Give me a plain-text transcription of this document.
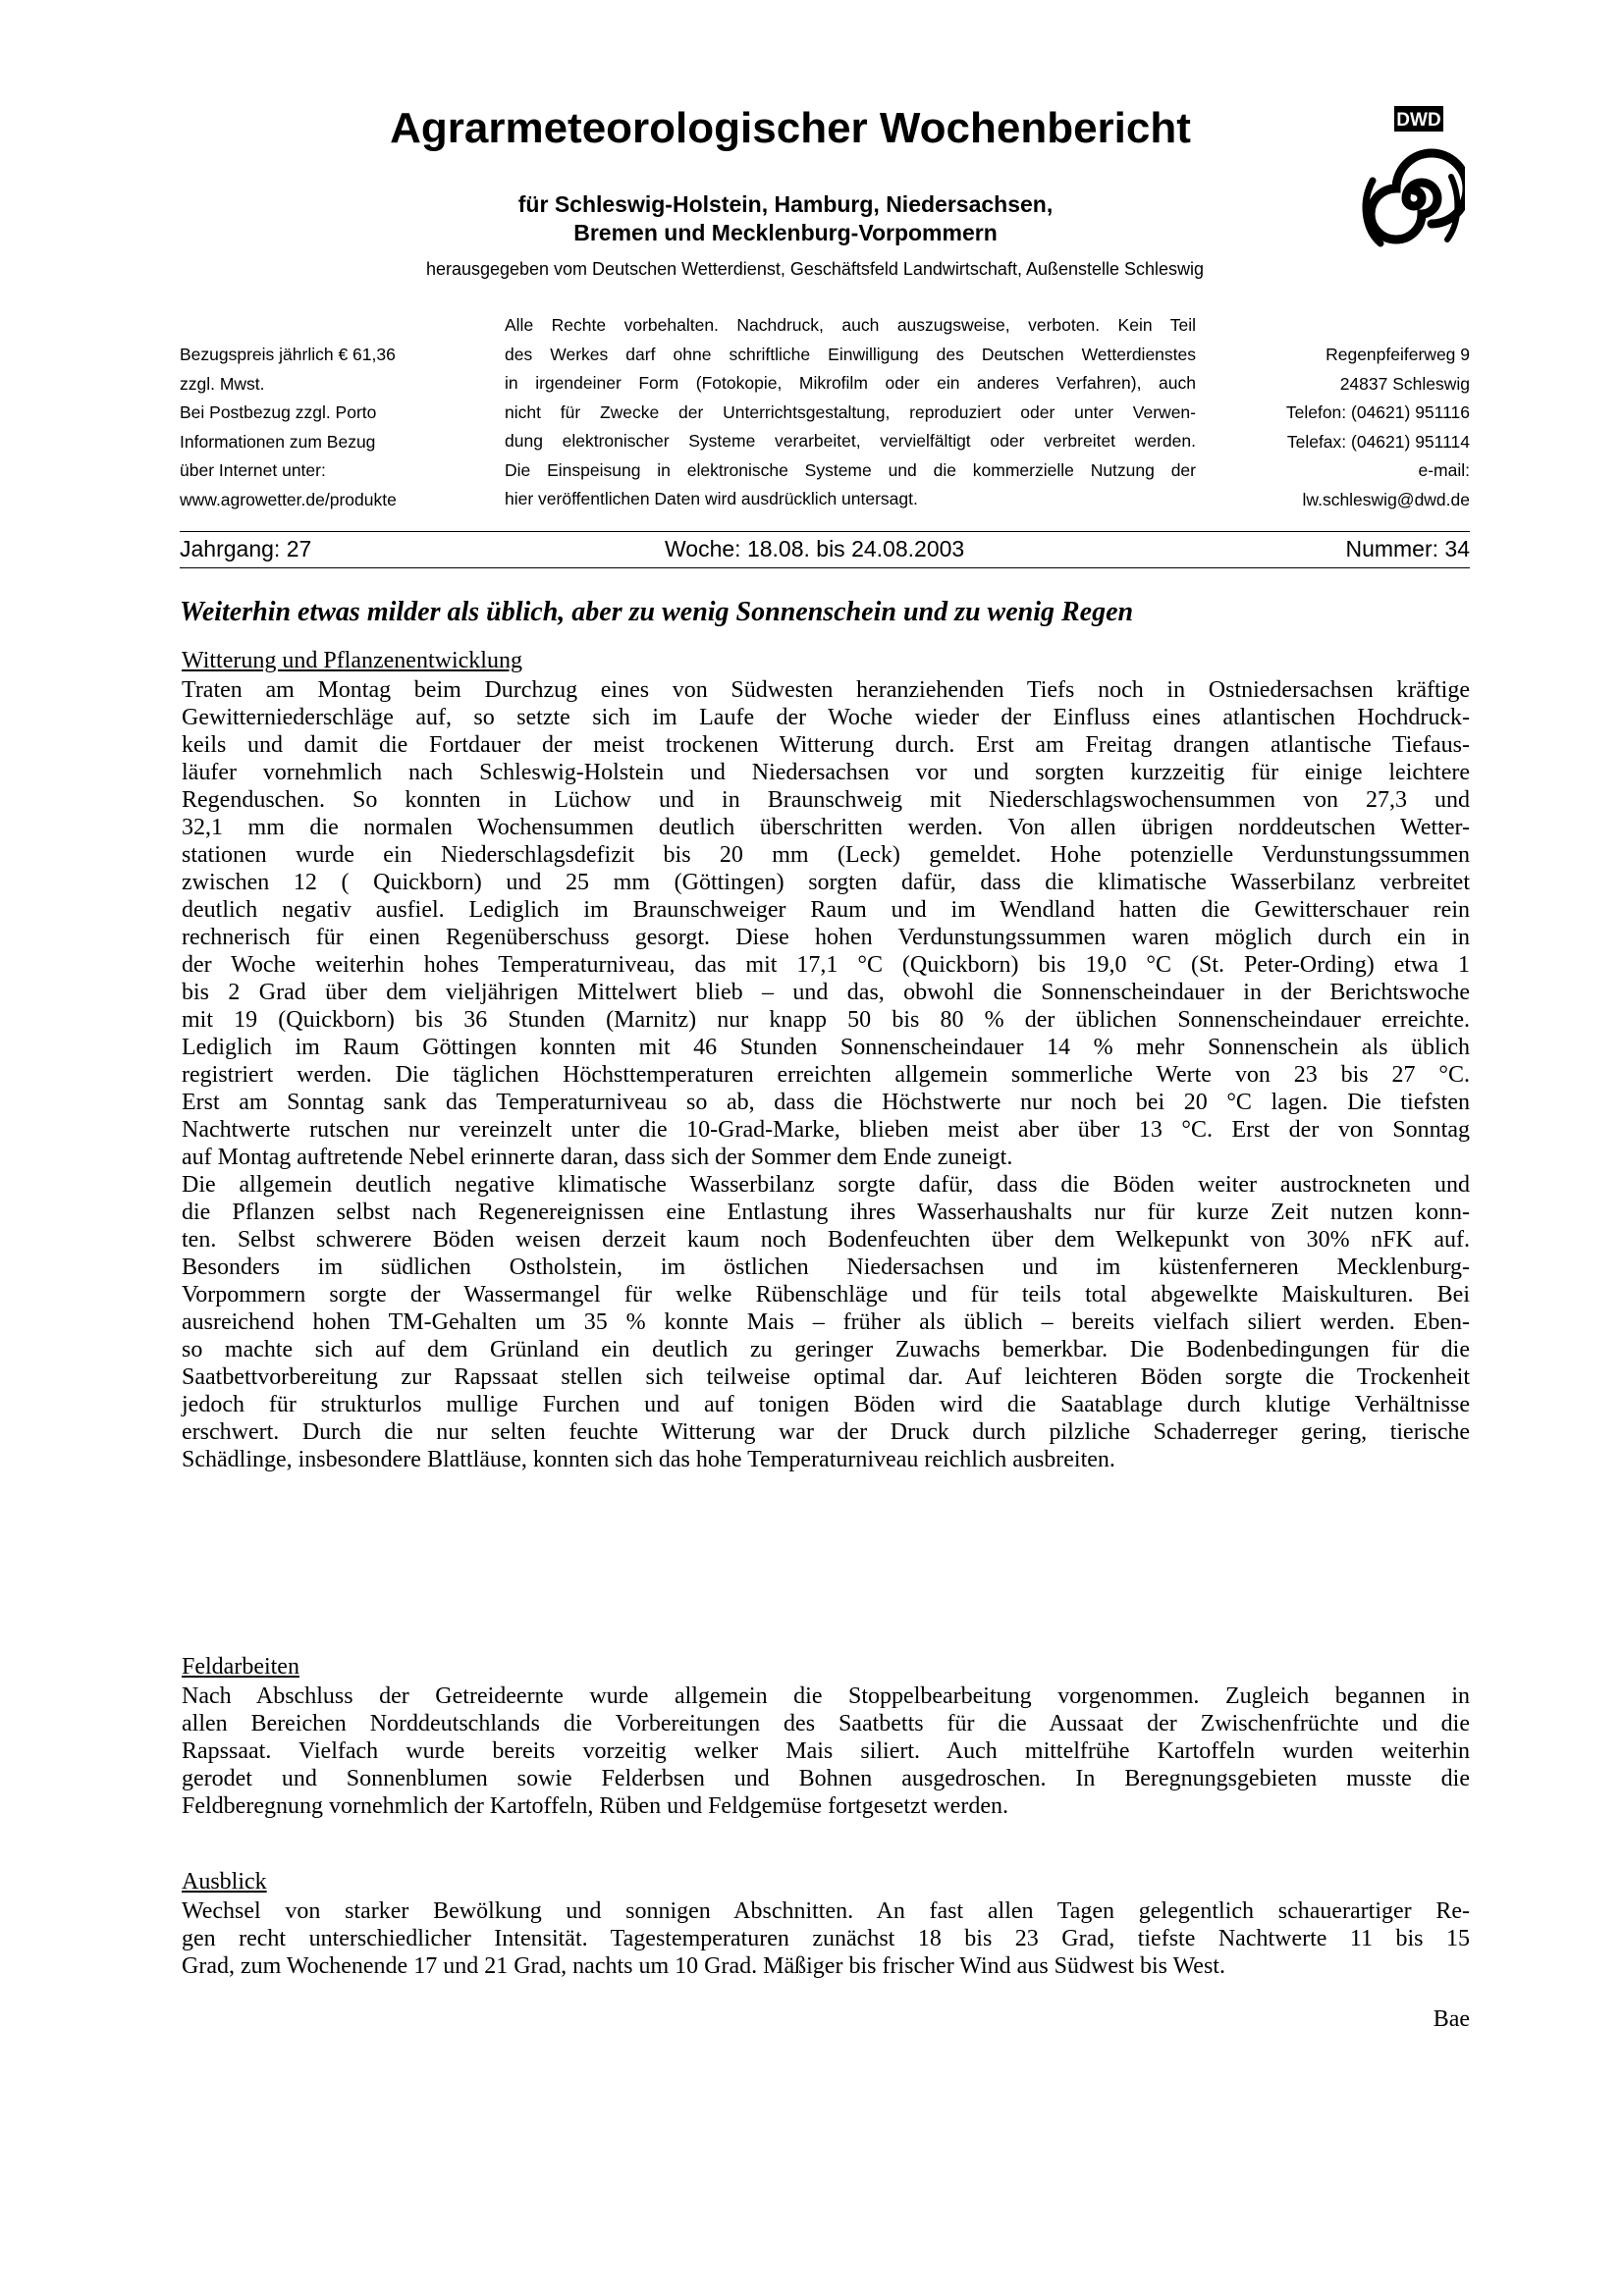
Agrarmeteorologischer Wochenbericht
für Schleswig-Holstein, Hamburg, Niedersachsen,
Bremen und Mecklenburg-Vorpommern
herausgegeben vom Deutschen Wetterdienst, Geschäftsfeld Landwirtschaft, Außenstelle Schleswig
DWD
Bezugspreis jährlich € 61,36
zzgl. Mwst.
Bei Postbezug zzgl. Porto
Informationen zum Bezug
über Internet unter:
www.agrowetter.de/produkte
Alle Rechte vorbehalten. Nachdruck, auch auszugsweise, verboten. Kein Teil
des Werkes darf ohne schriftliche Einwilligung des Deutschen Wetterdienstes
in irgendeiner Form (Fotokopie, Mikrofilm oder ein anderes Verfahren), auch
nicht für Zwecke der Unterrichtsgestaltung, reproduziert oder unter Verwen-
dung elektronischer Systeme verarbeitet, vervielfältigt oder verbreitet werden.
Die Einspeisung in elektronische Systeme und die kommerzielle Nutzung der
hier veröffentlichen Daten wird ausdrücklich untersagt.
Regenpfeiferweg 9
24837 Schleswig
Telefon: (04621) 951116
Telefax: (04621) 951114
e-mail:
lw.schleswig@dwd.de
Jahrgang: 27	Woche: 18.08. bis 24.08.2003	Nummer: 34
Weiterhin etwas milder als üblich, aber zu wenig Sonnenschein und zu wenig Regen
Witterung und Pflanzenentwicklung
Traten am Montag beim Durchzug eines von Südwesten heranziehenden Tiefs noch in Ostniedersachsen kräftige
Gewitterniederschläge auf, so setzte sich im Laufe der Woche wieder der Einfluss eines atlantischen Hochdruck-
keils und damit die Fortdauer der meist trockenen Witterung durch. Erst am Freitag drangen atlantische Tiefaus-
läufer vornehmlich nach Schleswig-Holstein und Niedersachsen vor und sorgten kurzzeitig für einige leichtere
Regenduschen. So konnten in Lüchow und in Braunschweig mit Niederschlagswochensummen von 27,3 und
32,1 mm die normalen Wochensummen deutlich überschritten werden. Von allen übrigen norddeutschen Wetter-
stationen wurde ein Niederschlagsdefizit bis 20 mm (Leck) gemeldet. Hohe potenzielle Verdunstungssummen
zwischen 12 ( Quickborn) und 25 mm (Göttingen) sorgten dafür, dass die klimatische Wasserbilanz verbreitet
deutlich negativ ausfiel. Lediglich im Braunschweiger Raum und im Wendland hatten die Gewitterschauer rein
rechnerisch für einen Regenüberschuss gesorgt. Diese hohen Verdunstungssummen waren möglich durch ein in
der Woche weiterhin hohes Temperaturniveau, das mit 17,1 °C (Quickborn) bis 19,0 °C (St. Peter-Ording) etwa 1
bis 2 Grad über dem vieljährigen Mittelwert blieb – und das, obwohl die Sonnenscheindauer in der Berichtswoche
mit 19 (Quickborn) bis 36 Stunden (Marnitz) nur knapp 50 bis 80 % der üblichen Sonnenscheindauer erreichte.
Lediglich im Raum Göttingen konnten mit 46 Stunden Sonnenscheindauer 14 % mehr Sonnenschein als üblich
registriert werden. Die täglichen Höchsttemperaturen erreichten allgemein sommerliche Werte von 23 bis 27 °C.
Erst am Sonntag sank das Temperaturniveau so ab, dass die Höchstwerte nur noch bei 20 °C lagen. Die tiefsten
Nachtwerte rutschen nur vereinzelt unter die 10-Grad-Marke, blieben meist aber über 13 °C. Erst der von Sonntag
auf Montag auftretende Nebel erinnerte daran, dass sich der Sommer dem Ende zuneigt.
Die allgemein deutlich negative klimatische Wasserbilanz sorgte dafür, dass die Böden weiter austrockneten und
die Pflanzen selbst nach Regenereignissen eine Entlastung ihres Wasserhaushalts nur für kurze Zeit nutzen konn-
ten. Selbst schwerere Böden weisen derzeit kaum noch Bodenfeuchten über dem Welkepunkt von 30% nFK auf.
Besonders im südlichen Ostholstein, im östlichen Niedersachsen und im küstenferneren Mecklenburg-
Vorpommern sorgte der Wassermangel für welke Rübenschläge und für teils total abgewelkte Maiskulturen. Bei
ausreichend hohen TM-Gehalten um 35 % konnte Mais – früher als üblich – bereits vielfach siliert werden. Eben-
so machte sich auf dem Grünland ein deutlich zu geringer Zuwachs bemerkbar. Die Bodenbedingungen für die
Saatbettvorbereitung zur Rapssaat stellen sich teilweise optimal dar. Auf leichteren Böden sorgte die Trockenheit
jedoch für strukturlos mullige Furchen und auf tonigen Böden wird die Saatablage durch klutige Verhältnisse
erschwert. Durch die nur selten feuchte Witterung war der Druck durch pilzliche Schaderreger gering, tierische
Schädlinge, insbesondere Blattläuse, konnten sich das hohe Temperaturniveau reichlich ausbreiten.
Feldarbeiten
Nach Abschluss der Getreideernte wurde allgemein die Stoppelbearbeitung vorgenommen. Zugleich begannen in
allen Bereichen Norddeutschlands die Vorbereitungen des Saatbetts für die Aussaat der Zwischenfrüchte und die
Rapssaat. Vielfach wurde bereits vorzeitig welker Mais siliert. Auch mittelfrühe Kartoffeln wurden weiterhin
gerodet und Sonnenblumen sowie Felderbsen und Bohnen ausgedroschen. In Beregnungsgebieten musste die
Feldberegnung vornehmlich der Kartoffeln, Rüben und Feldgemüse fortgesetzt werden.
Ausblick
Wechsel von starker Bewölkung und sonnigen Abschnitten. An fast allen Tagen gelegentlich schauerartiger Re-
gen recht unterschiedlicher Intensität. Tagestemperaturen zunächst 18 bis 23 Grad, tiefste Nachtwerte 11 bis 15
Grad, zum Wochenende 17 und 21 Grad, nachts um 10 Grad. Mäßiger bis frischer Wind aus Südwest bis West.
Bae
